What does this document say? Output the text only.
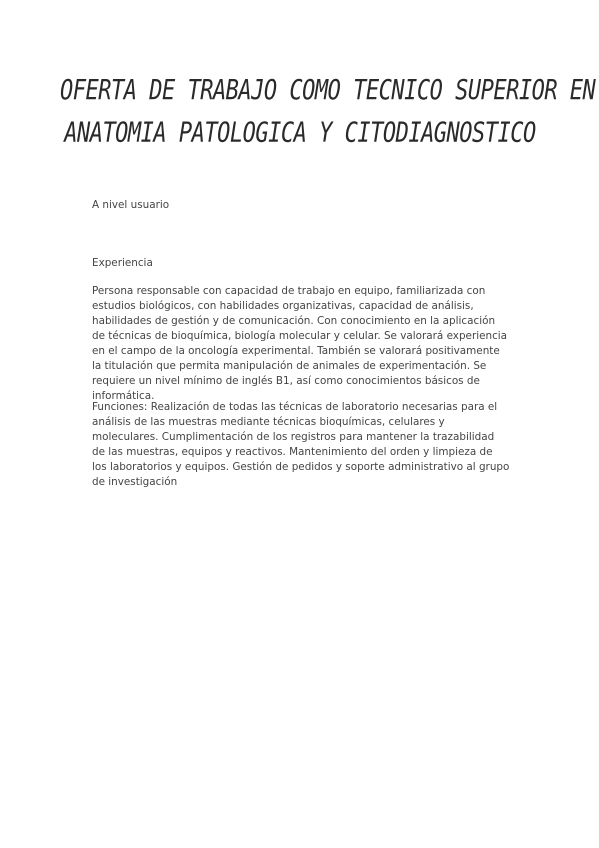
OFERTA DE TRABAJO COMO TECNICO SUPERIOR EN
ANATOMIA PATOLOGICA Y CITODIAGNOSTICO
A nivel usuario
Experiencia
Persona responsable con capacidad de trabajo en equipo, familiarizada con estudios biológicos, con habilidades organizativas, capacidad de análisis, habilidades de gestión y de comunicación. Con conocimiento en la aplicación de técnicas de bioquímica, biología molecular y celular. Se valorará experiencia en el campo de la oncología experimental. También se valorará positivamente la titulación que permita manipulación de animales de experimentación. Se requiere un nivel mínimo de inglés B1, así como conocimientos básicos de informática.
Funciones: Realización de todas las técnicas de laboratorio necesarias para el análisis de las muestras mediante técnicas bioquímicas, celulares y moleculares. Cumplimentación de los registros para mantener la trazabilidad de las muestras, equipos y reactivos. Mantenimiento del orden y limpieza de los laboratorios y equipos. Gestión de pedidos y soporte administrativo al grupo de investigación
